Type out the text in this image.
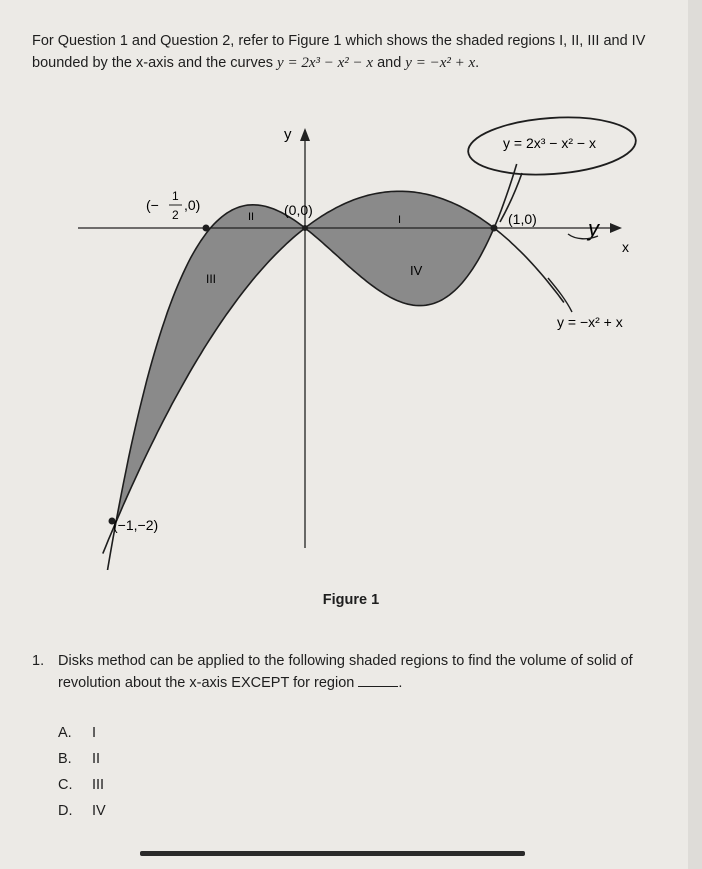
For Question 1 and Question 2, refer to Figure 1 which shows the shaded regions I, II, III and IV bounded by the x-axis and the curves y = 2x³ − x² − x and y = −x² + x.
y
x
(−
1
2
,0)	(0,0)
(1,0)
(−1,−2)
I
II
III
IV
y = 2x³ − x² − x
y = −x² + x
y
Figure 1
1. Disks method can be applied to the following shaded regions to find the volume of solid of revolution about the x-axis EXCEPT for region	.
A.	I
B.	II
C.	III
D.	IV
